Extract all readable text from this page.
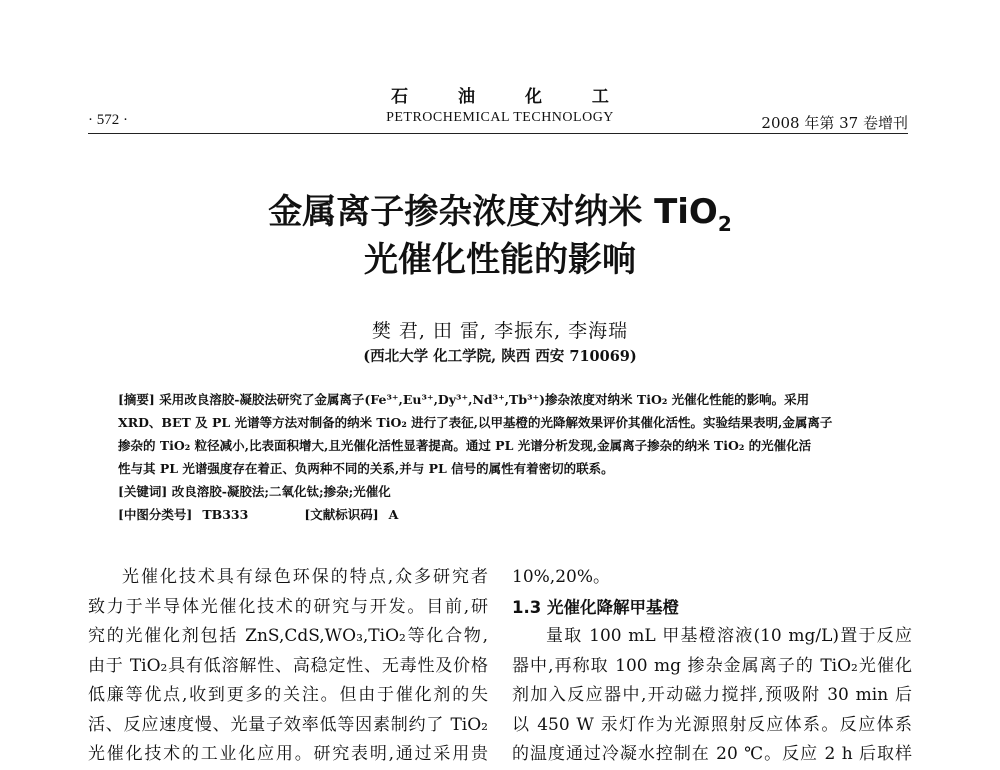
· 572 ·
石 油 化 工
PETROCHEMICAL TECHNOLOGY	2008 年第 37 卷增刊
金属离子掺杂浓度对纳米 TiO$_2$
光催化性能的影响
樊 君, 田 雷, 李振东, 李海瑞
(西北大学 化工学院, 陕西 西安 710069)

[摘要] 采用改良溶胶-凝胶法研究了金属离子(Fe³⁺,Eu³⁺,Dy³⁺,Nd³⁺,Tb³⁺)掺杂浓度对纳米 TiO₂ 光催化性能的影响。采用

XRD、BET 及 PL 光谱等方法对制备的纳米 TiO₂ 进行了表征,以甲基橙的光降解效果评价其催化活性。实验结果表明,金属离子

掺杂的 TiO₂ 粒径减小,比表面积增大,且光催化活性显著提高。通过 PL 光谱分析发现,金属离子掺杂的纳米 TiO₂ 的光催化活

性与其 PL 光谱强度存在着正、负两种不同的关系,并与 PL 信号的属性有着密切的联系。

[关键词] 改良溶胶-凝胶法;二氧化钛;掺杂;光催化

[中图分类号] TB333	[文献标识码] A

光催化技术具有绿色环保的特点,众多研究者
致力于半导体光催化技术的研究与开发。目前,研
究的光催化剂包括 ZnS,CdS,WO₃,TiO₂等化合物,
由于 TiO₂具有低溶解性、高稳定性、无毒性及价格
低廉等优点,收到更多的关注。但由于催化剂的失
活、反应速度慢、光量子效率低等因素制约了 TiO₂
光催化技术的工业化应用。研究表明,通过采用贵
10%,20%。
1.3 光催化降解甲基橙
量取 100 mL 甲基橙溶液(10 mg/L)置于反应
器中,再称取 100 mg 掺杂金属离子的 TiO₂光催化
剂加入反应器中,开动磁力搅拌,预吸附 30 min 后
以 450 W 汞灯作为光源照射反应体系。反应体系
的温度通过冷凝水控制在 20 ℃。反应 2 h 后取样
